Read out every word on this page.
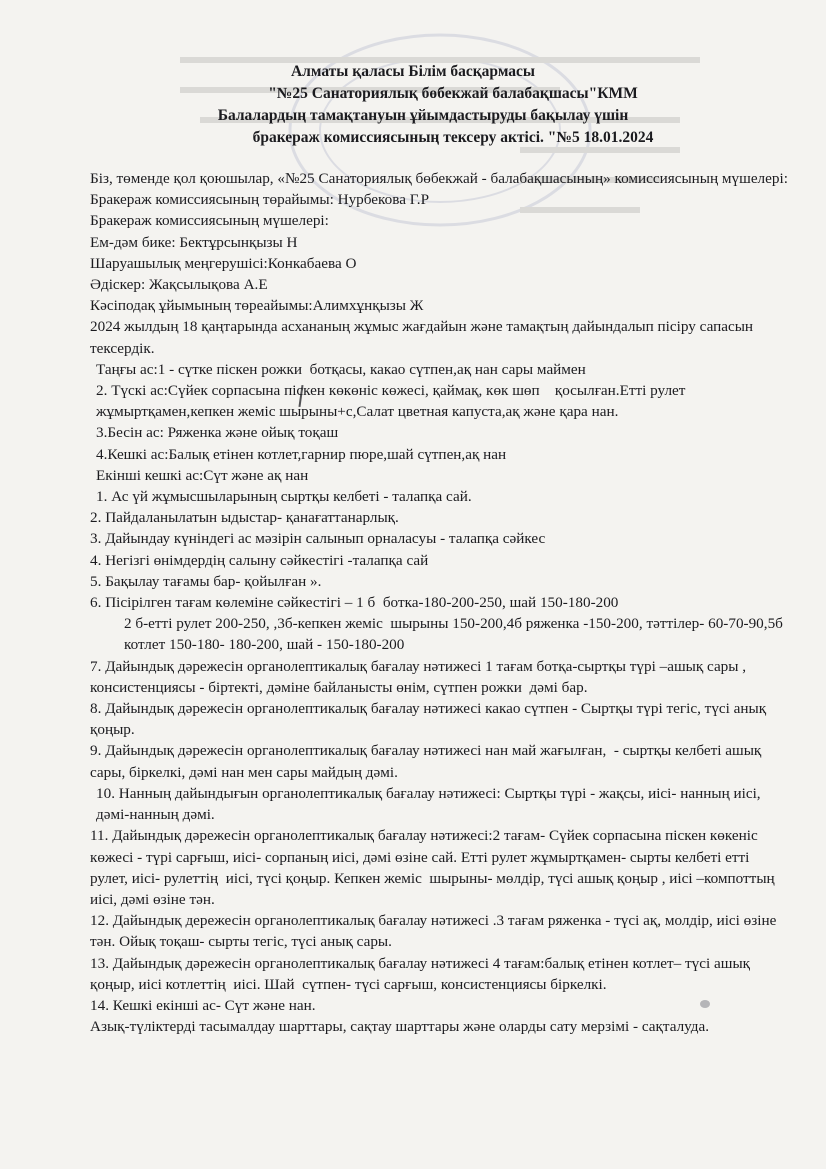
Алматы қаласы Білім басқармасы
"№25 Санаториялық бөбекжай балабақшасы"КММ
Балалардың тамақтануын ұйымдастыруды бақылау үшін
бракераж комиссиясының тексеру актісі. "№5 18.01.2024

Біз, төменде қол қоюшылар, «№25 Санаториялық бөбекжай - балабақшасының» комиссиясының мүшелері:

Бракераж комиссиясының төрайымы: Нурбекова Г.Р

Бракераж комиссиясының мүшелері:

Ем-дәм бике: Бектұрсынқызы Н

Шаруашылық меңгерушісі:Конкабаева О

Әдіскер: Жақсылықова А.Е

Кәсіподақ ұйымының төреайымы:Алимхұнқызы Ж

2024 жылдың 18 қаңтарында асхананың жұмыс жағдайын және тамақтың дайындалып пісіру сапасын тексердік.

Таңғы ас:1 - сүтке піскен рожки  ботқасы, какао сүтпен,ақ нан сары маймен

2. Түскі ас:Сүйек сорпасына піскен көкөніс көжесі, қаймақ, көк шөп    қосылған.Етті рулет жұмыртқамен,кепкен жеміс шырыны+с,Салат цветная капуста,ақ және қара нан.

3.Бесін ас: Ряженка және ойық тоқаш

4.Кешкі ас:Балық етінен котлет,гарнир пюре,шай сүтпен,ақ нан

Екінші кешкі ас:Сүт және ақ нан

1. Ас үй жұмысшыларының сыртқы келбеті - талапқа сай.

2. Пайдаланылатын ыдыстар- қанағаттанарлық.

3. Дайындау күніндегі ас мәзірін салынып орналасуы - талапқа сәйкес

4. Негізгі өнімдердің салыну сәйкестігі -талапқа сай

5. Бақылау тағамы бар- қойылған ».

6. Пісірілген тағам көлеміне сәйкестігі – 1 б  ботка-180-200-250, шай 150-180-200

2 б-етті рулет 200-250, ,3б-кепкен жеміс  шырыны 150-200,4б ряженка -150-200, тәттілер- 60-70-90,5б котлет 150-180- 180-200, шай - 150-180-200

7. Дайындық дәрежесін органолептикалық бағалау нәтижесі 1 тағам ботқа-сыртқы түрі –ашық сары , консистенциясы - біртекті, дәміне байланысты өнім, сүтпен рожки  дәмі бар.

8. Дайындық дәрежесін органолептикалық бағалау нәтижесі какао сүтпен - Сыртқы түрі тегіс, түсі анық  қоңыр.

9. Дайындық дәрежесін органолептикалық бағалау нәтижесі нан май жағылған,  - сыртқы келбеті ашық сары, біркелкі, дәмі нан мен сары майдың дәмі.

10. Нанның дайындығын органолептикалық бағалау нәтижесі: Сыртқы түрі - жақсы, иісі- нанның иісі, дәмі-нанның дәмі.

11. Дайындық дәрежесін органолептикалық бағалау нәтижесі:2 тағам- Сүйек сорпасына піскен көкеніс  көжесі - түрі сарғыш, иісі- сорпаның иісі, дәмі өзіне сай. Етті рулет жұмыртқамен- сырты келбеті етті рулет, иісі- рулеттің  иісі, түсі қоңыр. Кепкен жеміс  шырыны- мөлдір, түсі ашық қоңыр , иісі –компоттың иісі, дәмі өзіне тән.

12. Дайындық дережесін органолептикалық бағалау нәтижесі .3 тағам ряженка - түсі ақ, молдір, иісі өзіне тән. Ойық тоқаш- сырты тегіс, түсі анық сары.

13. Дайындық дәрежесін органолептикалық бағалау нәтижесі 4 тағам:балық етінен котлет– түсі ашық қоңыр, иісі котлеттің  иісі. Шай  сүтпен- түсі сарғыш, консистенциясы біркелкі.

14. Кешкі екінші ас- Сүт және нан.

Азық-түліктерді тасымалдау шарттары, сақтау шарттары және оларды сату мерзімі - сақталуда.
